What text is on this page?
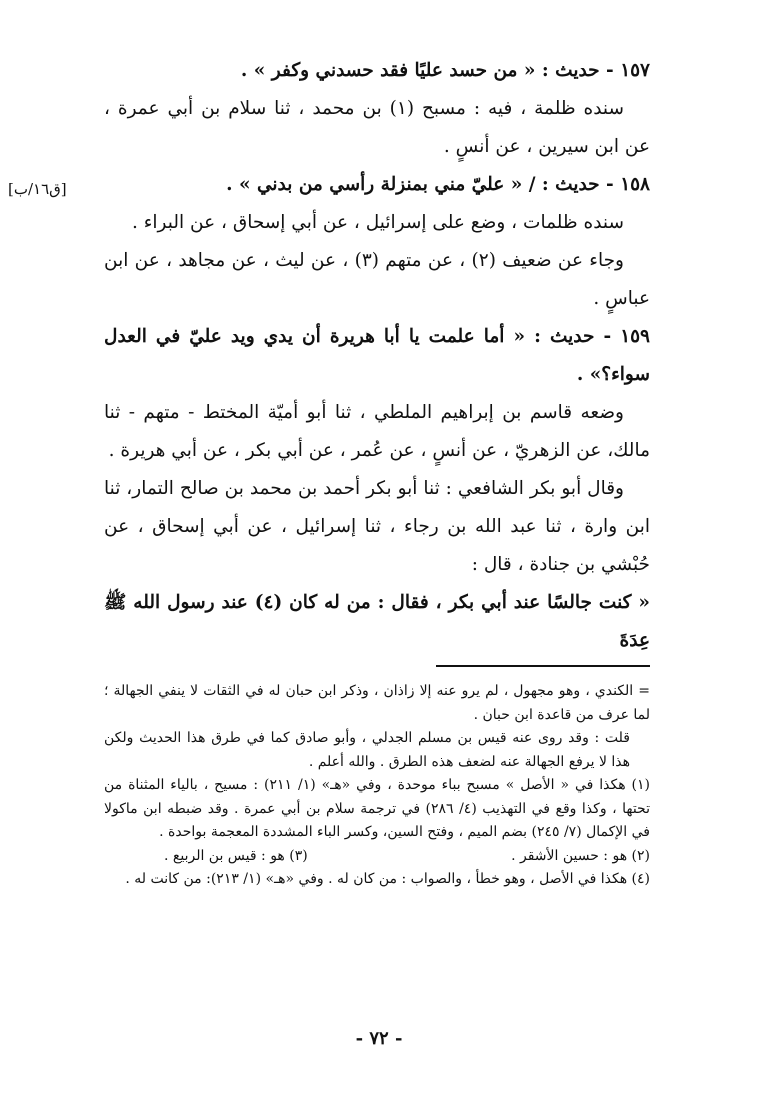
[ق١٦/ب]

١٥٧ - حديث : « من حسد عليًا فقد حسدني وكفر » .

سنده ظلمة ، فيه : مسبح (١) بن محمد ، ثنا سلام بن أبي عمرة ، عن ابن سيرين ، عن أنسٍ .

١٥٨ - حديث : / « عليّ مني بمنزلة رأسي من بدني » .

سنده ظلمات ، وضع على إسرائيل ، عن أبي إسحاق ، عن البراء .

وجاء عن ضعيف (٢) ، عن متهم (٣) ، عن ليث ، عن مجاهد ، عن ابن عباسٍ .

١٥٩ - حديث : « أما علمت يا أبا هريرة أن يدي ويد عليّ في العدل سواء؟» .

وضعه قاسم بن إبراهيم الملطي ، ثنا أبو أميّة المختط - متهم - ثنا مالك، عن الزهريّ ، عن أنسٍ ، عن عُمر ، عن أبي بكر ، عن أبي هريرة .

وقال أبو بكر الشافعي : ثنا أبو بكر أحمد بن محمد بن صالح التمار، ثنا ابن وارة ، ثنا عبد الله بن رجاء ، ثنا إسرائيل ، عن أبي إسحاق ، عن حُبْشي بن جنادة ، قال :

« كنت جالسًا عند أبي بكر ، فقال : من له كان (٤) عند رسول الله ﷺ عِدَةَ

= الكندي ، وهو مجهول ، لم يرو عنه إلا زاذان ، وذكر ابن حبان له في الثقات لا ينفي الجهالة ؛ لما عرف من قاعدة ابن حبان .

قلت : وقد روى عنه قيس بن مسلم الجدلي ، وأبو صادق كما في طرق هذا الحديث ولكن هذا لا يرفع الجهالة عنه لضعف هذه الطرق . والله أعلم .

(١) هكذا في « الأصل » مسبح بباء موحدة ، وفي «هـ» (١/ ٢١١) : مسيح ، بالياء المثناة من تحتها ، وكذا وقع في التهذيب (٤/ ٢٨٦) في ترجمة سلام بن أبي عمرة . وقد ضبطه ابن ماكولا في الإكمال (٧/ ٢٤٥) بضم الميم ، وفتح السين، وكسر الباء المشددة المعجمة بواحدة .

(٢) هو : حسين الأشقر .
(٣) هو : قيس بن الربيع .

(٤) هكذا في الأصل ، وهو خطأ ، والصواب : من كان له . وفي «هـ» (١/ ٢١٣): من كانت له .

- ٧٢ -
